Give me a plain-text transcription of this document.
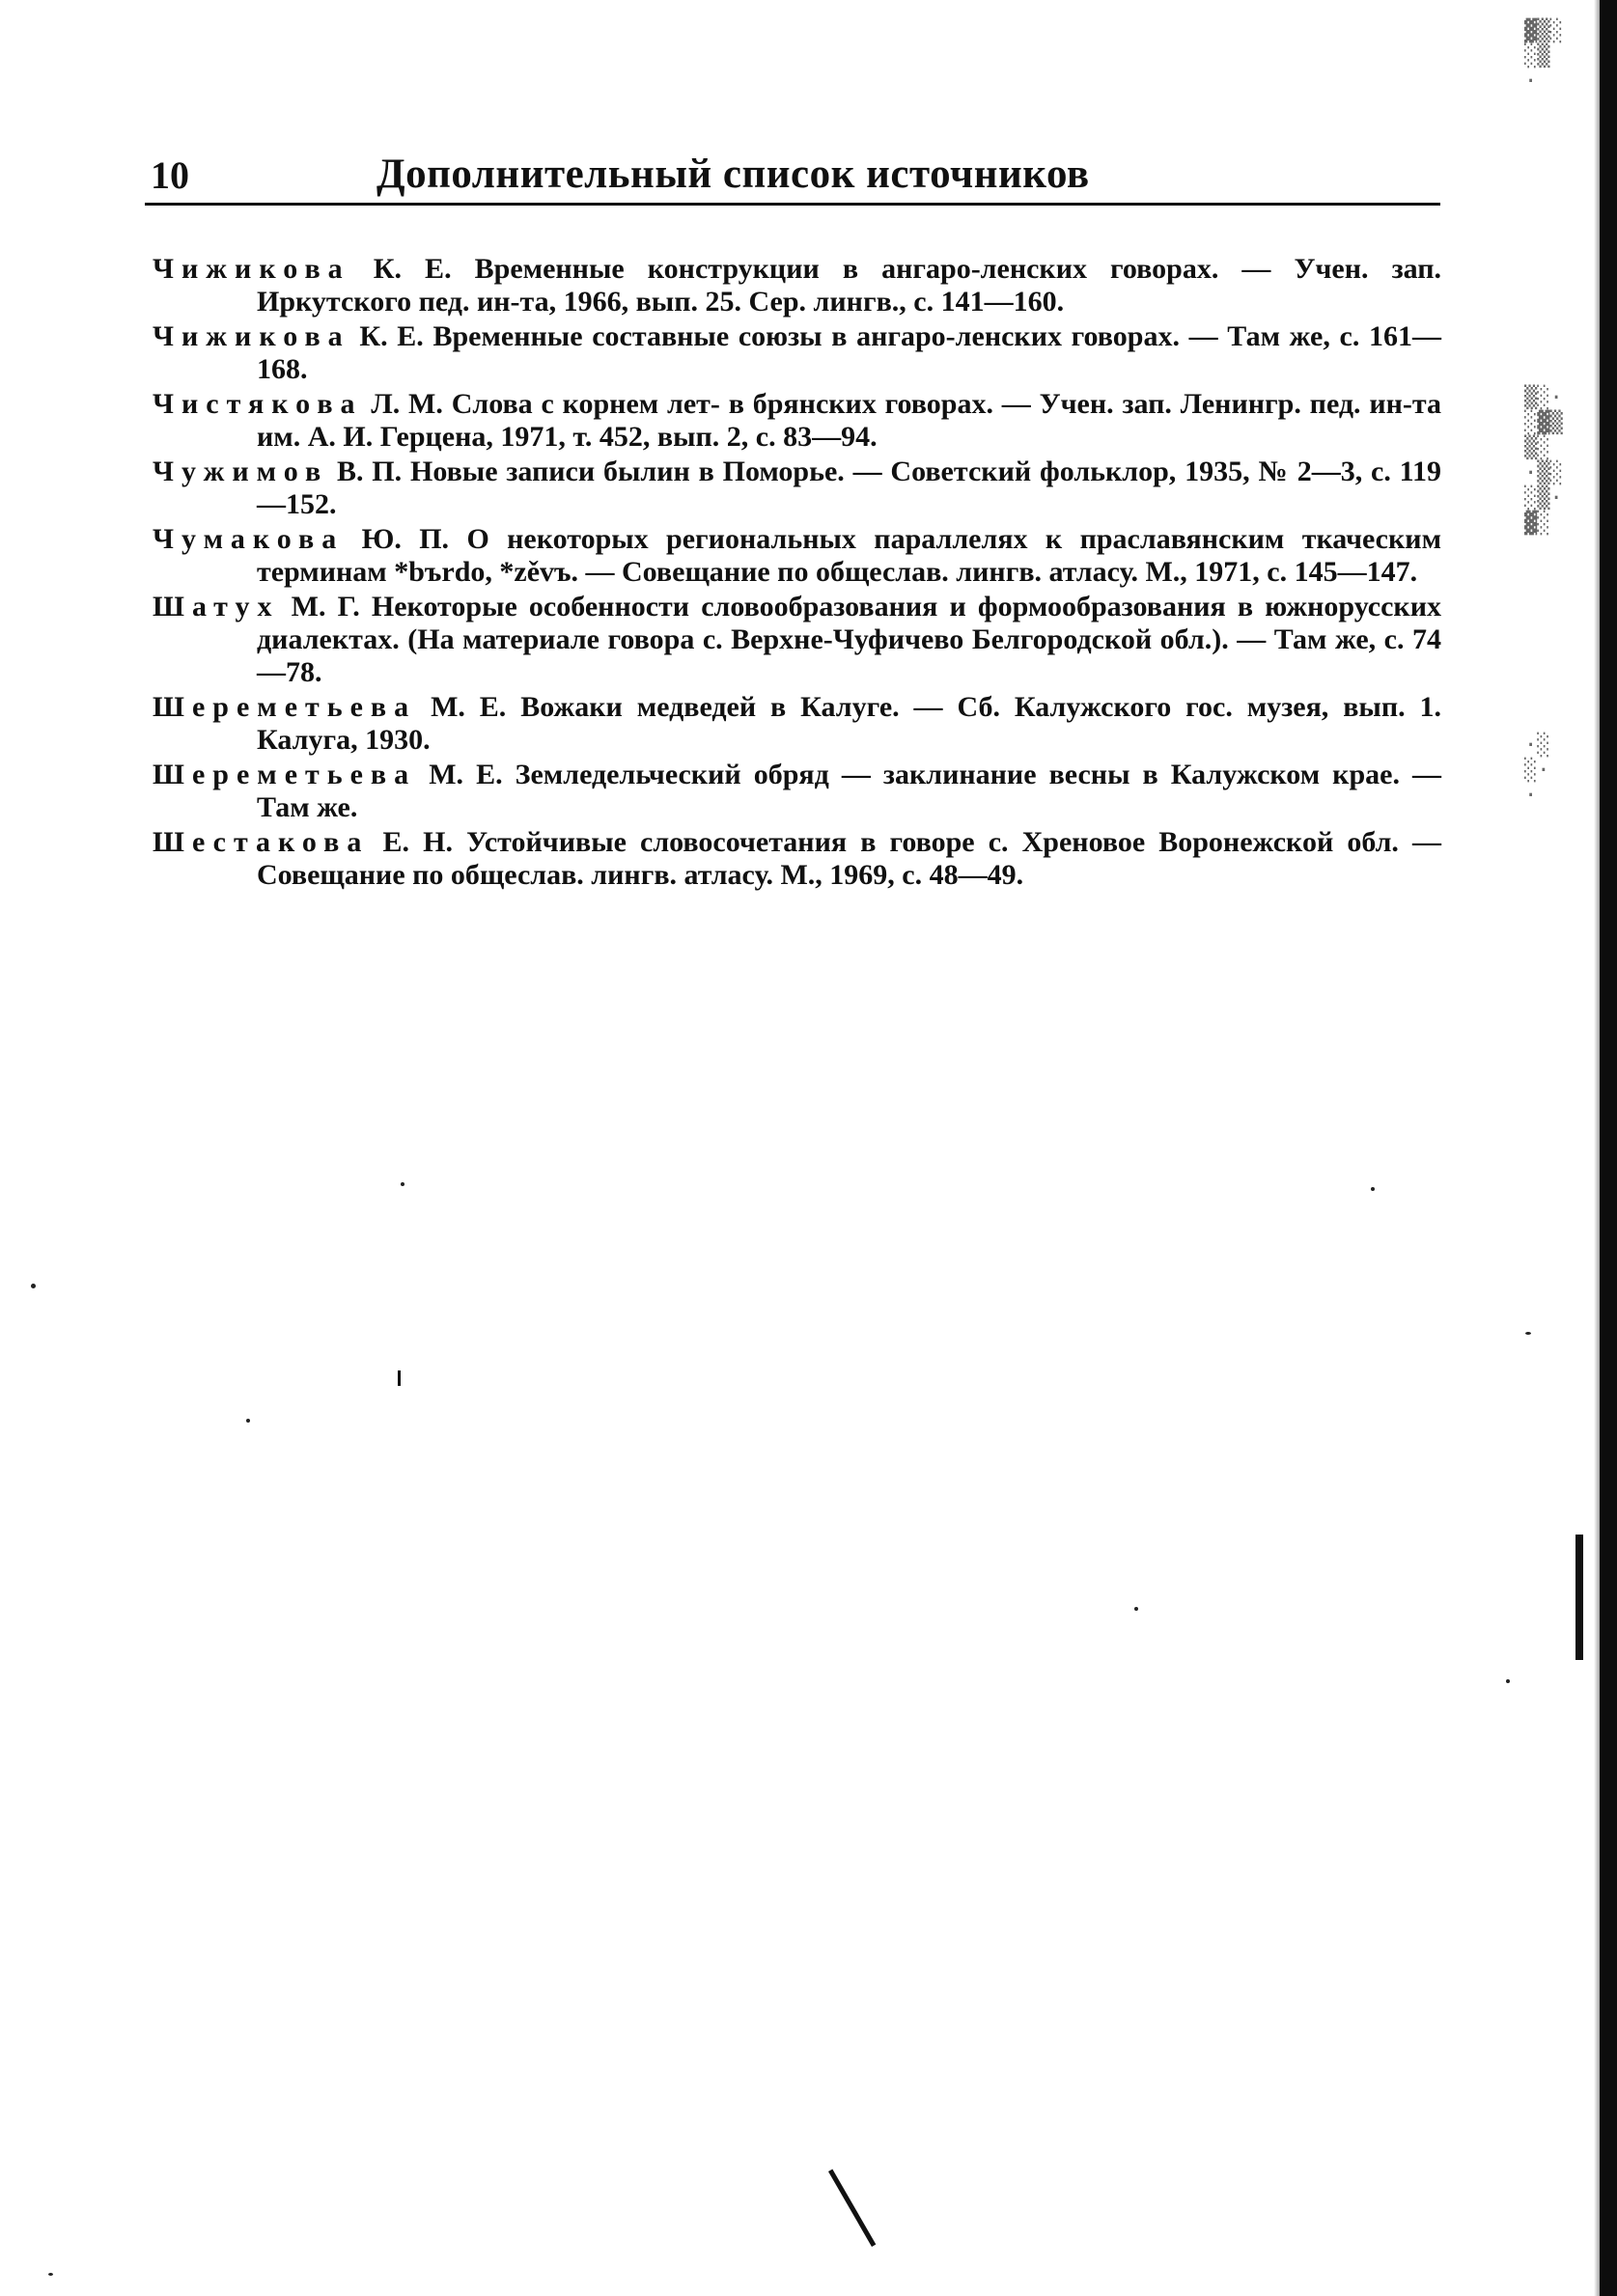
10	Дополнительный список источников

Чижикова К. Е. Временные конструкции в ангаро-ленских говорах. — Учен. зап. Иркутского пед. ин-та, 1966, вып. 25. Сер. лингв., с. 141—160.

Чижикова К. Е. Временные составные союзы в ангаро-ленских говорах. — Там же, с. 161—168.

Чистякова Л. М. Слова с корнем лет- в брянских говорах. — Учен. зап. Ленингр. пед. ин-та им. А. И. Герцена, 1971, т. 452, вып. 2, с. 83—94.

Чужимов В. П. Новые записи былин в Поморье. — Советский фольклор, 1935, № 2—3, с. 119—152.

Чумакова Ю. П. О некоторых региональных параллелях к праславянским ткаческим терминам *bъrdo, *zěvъ. — Совещание по общеслав. лингв. атласу. М., 1971, с. 145—147.

Шатух М. Г. Некоторые особенности словообразования и формообразования в южнорусских диалектах. (На материале говора с. Верхне-Чуфичево Белгородской обл.). — Там же, с. 74—78.

Шереметьева М. Е. Вожаки медведей в Калуге. — Сб. Калужского гос. музея, вып. 1. Калуга, 1930.

Шереметьева М. Е. Земледельческий обряд — заклинание весны в Калужском крае. — Там же.

Шестакова Е. Н. Устойчивые словосочетания в говоре с. Хреновое Воронежской обл. — Совещание по общеслав. лингв. атласу. М., 1969, с. 48—49.

▓▒░
░▒
·
▒░·
░▓▒
▒░
·▒░
░▒·
▓░
·░
░·
·
